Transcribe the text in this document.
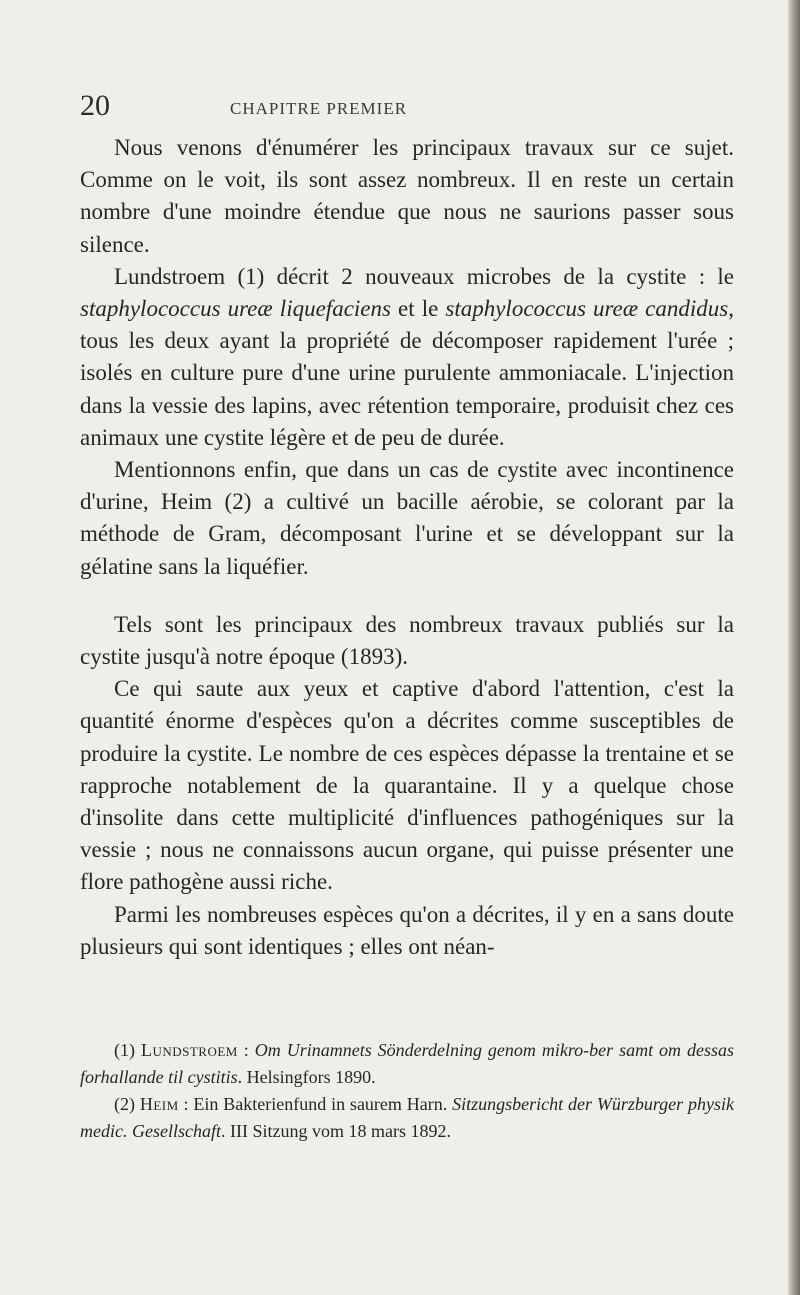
20	CHAPITRE PREMIER

Nous venons d'énumérer les principaux travaux sur ce sujet. Comme on le voit, ils sont assez nombreux. Il en reste un certain nombre d'une moindre étendue que nous ne saurions passer sous silence.

Lundstroem (1) décrit 2 nouveaux microbes de la cystite : le staphylococcus ureæ liquefaciens et le staphylococcus ureæ candidus, tous les deux ayant la propriété de décomposer rapidement l'urée ; isolés en culture pure d'une urine purulente ammoniacale. L'injection dans la vessie des lapins, avec rétention temporaire, produisit chez ces animaux une cystite légère et de peu de durée.

Mentionnons enfin, que dans un cas de cystite avec incontinence d'urine, Heim (2) a cultivé un bacille aérobie, se colorant par la méthode de Gram, décomposant l'urine et se développant sur la gélatine sans la liquéfier.

Tels sont les principaux des nombreux travaux publiés sur la cystite jusqu'à notre époque (1893).

Ce qui saute aux yeux et captive d'abord l'attention, c'est la quantité énorme d'espèces qu'on a décrites comme susceptibles de produire la cystite. Le nombre de ces espèces dépasse la trentaine et se rapproche notablement de la quarantaine. Il y a quelque chose d'insolite dans cette multiplicité d'influences pathogéniques sur la vessie ; nous ne connaissons aucun organe, qui puisse présenter une flore pathogène aussi riche.

Parmi les nombreuses espèces qu'on a décrites, il y en a sans doute plusieurs qui sont identiques ; elles ont néan-

(1) Lundstroem : Om Urinamnets Sönderdelning genom mikro-ber samt om dessas forhallande til cystitis. Helsingfors 1890.

(2) Heim : Ein Bakterienfund in saurem Harn. Sitzungsbericht der Würzburger physik medic. Gesellschaft. III Sitzung vom 18 mars 1892.
